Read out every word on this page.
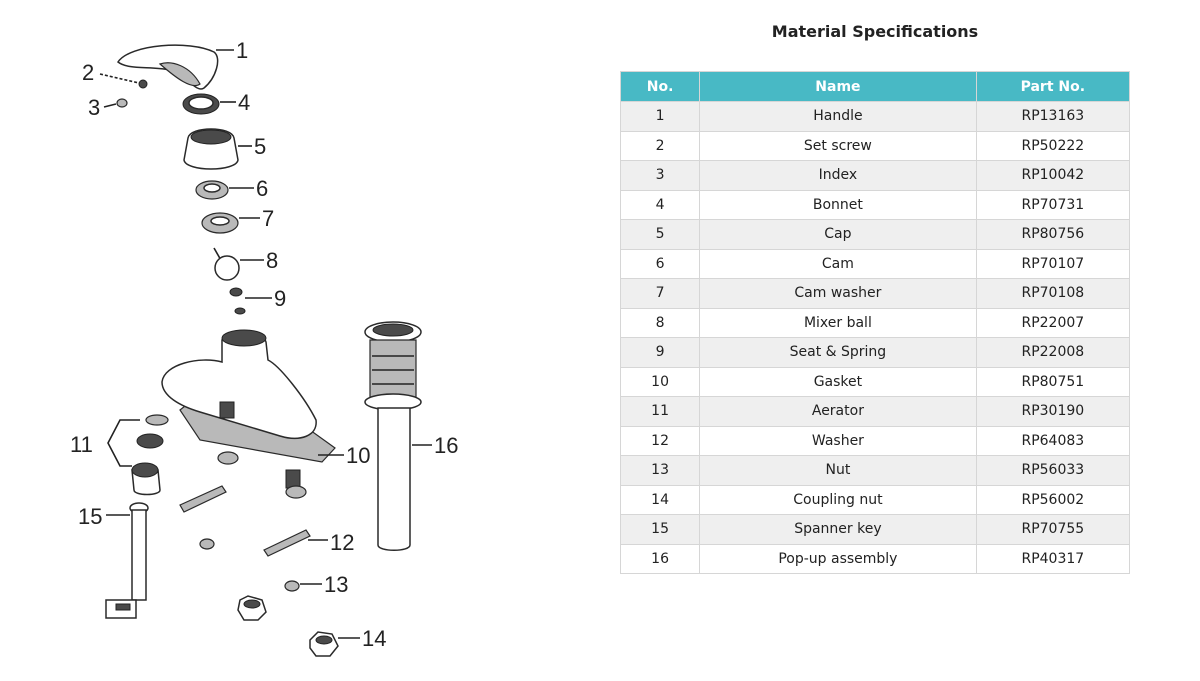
1
2
3	4
5
6
7
8
9
10
11
12
13
14
15
16
Material Specifications
No.	Name	Part No.
1	Handle	RP13163
2	Set screw	RP50222
3	Index	RP10042
4	Bonnet	RP70731
5	Cap	RP80756
6	Cam	RP70107
7	Cam washer	RP70108
8	Mixer ball	RP22007
9	Seat & Spring	RP22008
10	Gasket	RP80751
11	Aerator	RP30190
12	Washer	RP64083
13	Nut	RP56033
14	Coupling nut	RP56002
15	Spanner key	RP70755
16	Pop-up assembly	RP40317
